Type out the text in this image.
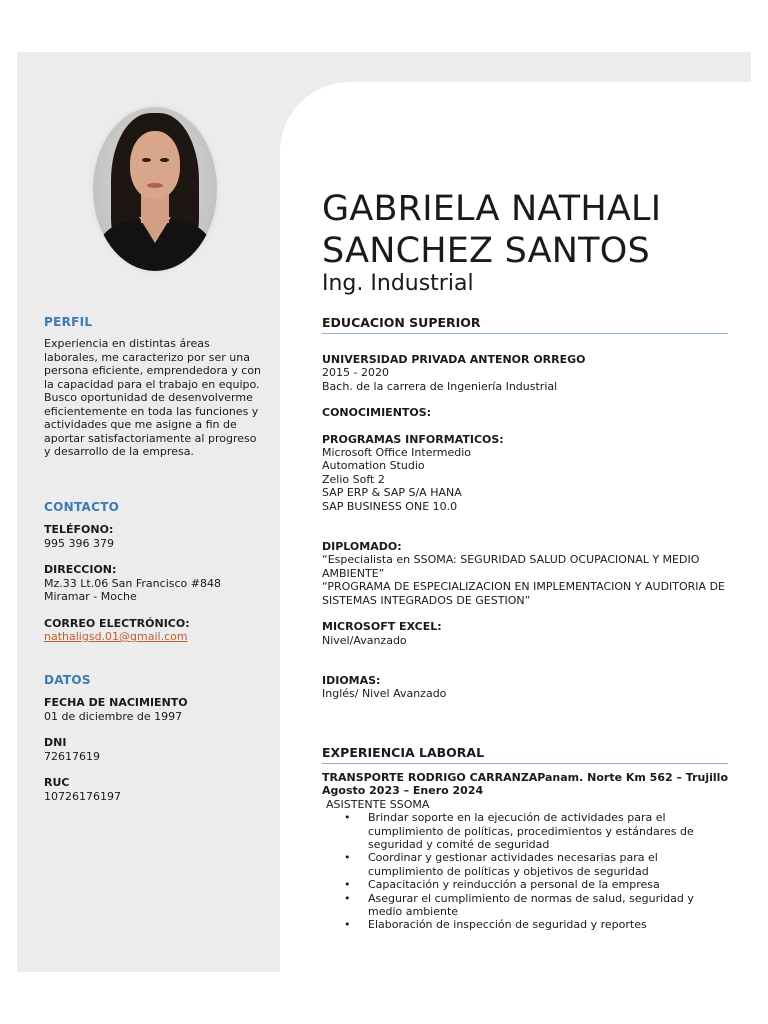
PERFIL
Experiencia en distintas áreas laborales, me caracterizo por ser una persona eficiente, emprendedora y con la capacidad para el trabajo en equipo.
Busco oportunidad de desenvolverme eficientemente en toda las funciones y actividades que me asigne a fin de aportar satisfactoriamente al progreso y desarrollo de la empresa.
CONTACTO
TELÉFONO:
995 396 379
DIRECCION:
Mz.33 Lt.06 San Francisco #848
Miramar - Moche
CORREO ELECTRÓNICO:
nathaligsd.01@gmail.com
DATOS
FECHA DE NACIMIENTO
01 de diciembre de 1997
DNI
72617619
RUC
10726176197
GABRIELA NATHALI
SANCHEZ SANTOS
Ing. Industrial
EDUCACION SUPERIOR
UNIVERSIDAD PRIVADA ANTENOR ORREGO
2015 - 2020
Bach. de la carrera de Ingeniería Industrial
CONOCIMIENTOS:
PROGRAMAS INFORMATICOS:
Microsoft Office Intermedio
Automation Studio
Zelio Soft 2
SAP ERP & SAP S/A HANA
SAP BUSINESS ONE 10.0
DIPLOMADO:
“Especialista en SSOMA: SEGURIDAD SALUD OCUPACIONAL Y MEDIO AMBIENTE”
“PROGRAMA DE ESPECIALIZACION EN IMPLEMENTACION Y AUDITORIA DE SISTEMAS INTEGRADOS DE GESTION”
MICROSOFT EXCEL:
Nivel/Avanzado
IDIOMAS:
Inglés/ Nivel Avanzado
EXPERIENCIA LABORAL
TRANSPORTE RODRIGO CARRANZA Panam. Norte Km 562 – Trujillo
Agosto 2023 – Enero 2024
ASISTENTE SSOMA
• Brindar soporte en la ejecución de actividades para el cumplimiento de políticas, procedimientos y estándares de seguridad y comité de seguridad
• Coordinar y gestionar actividades necesarias para el cumplimiento de políticas y objetivos de seguridad
• Capacitación y reinducción a personal de la empresa
• Asegurar el cumplimiento de normas de salud, seguridad y medio ambiente
• Elaboración de inspección de seguridad y reportes
